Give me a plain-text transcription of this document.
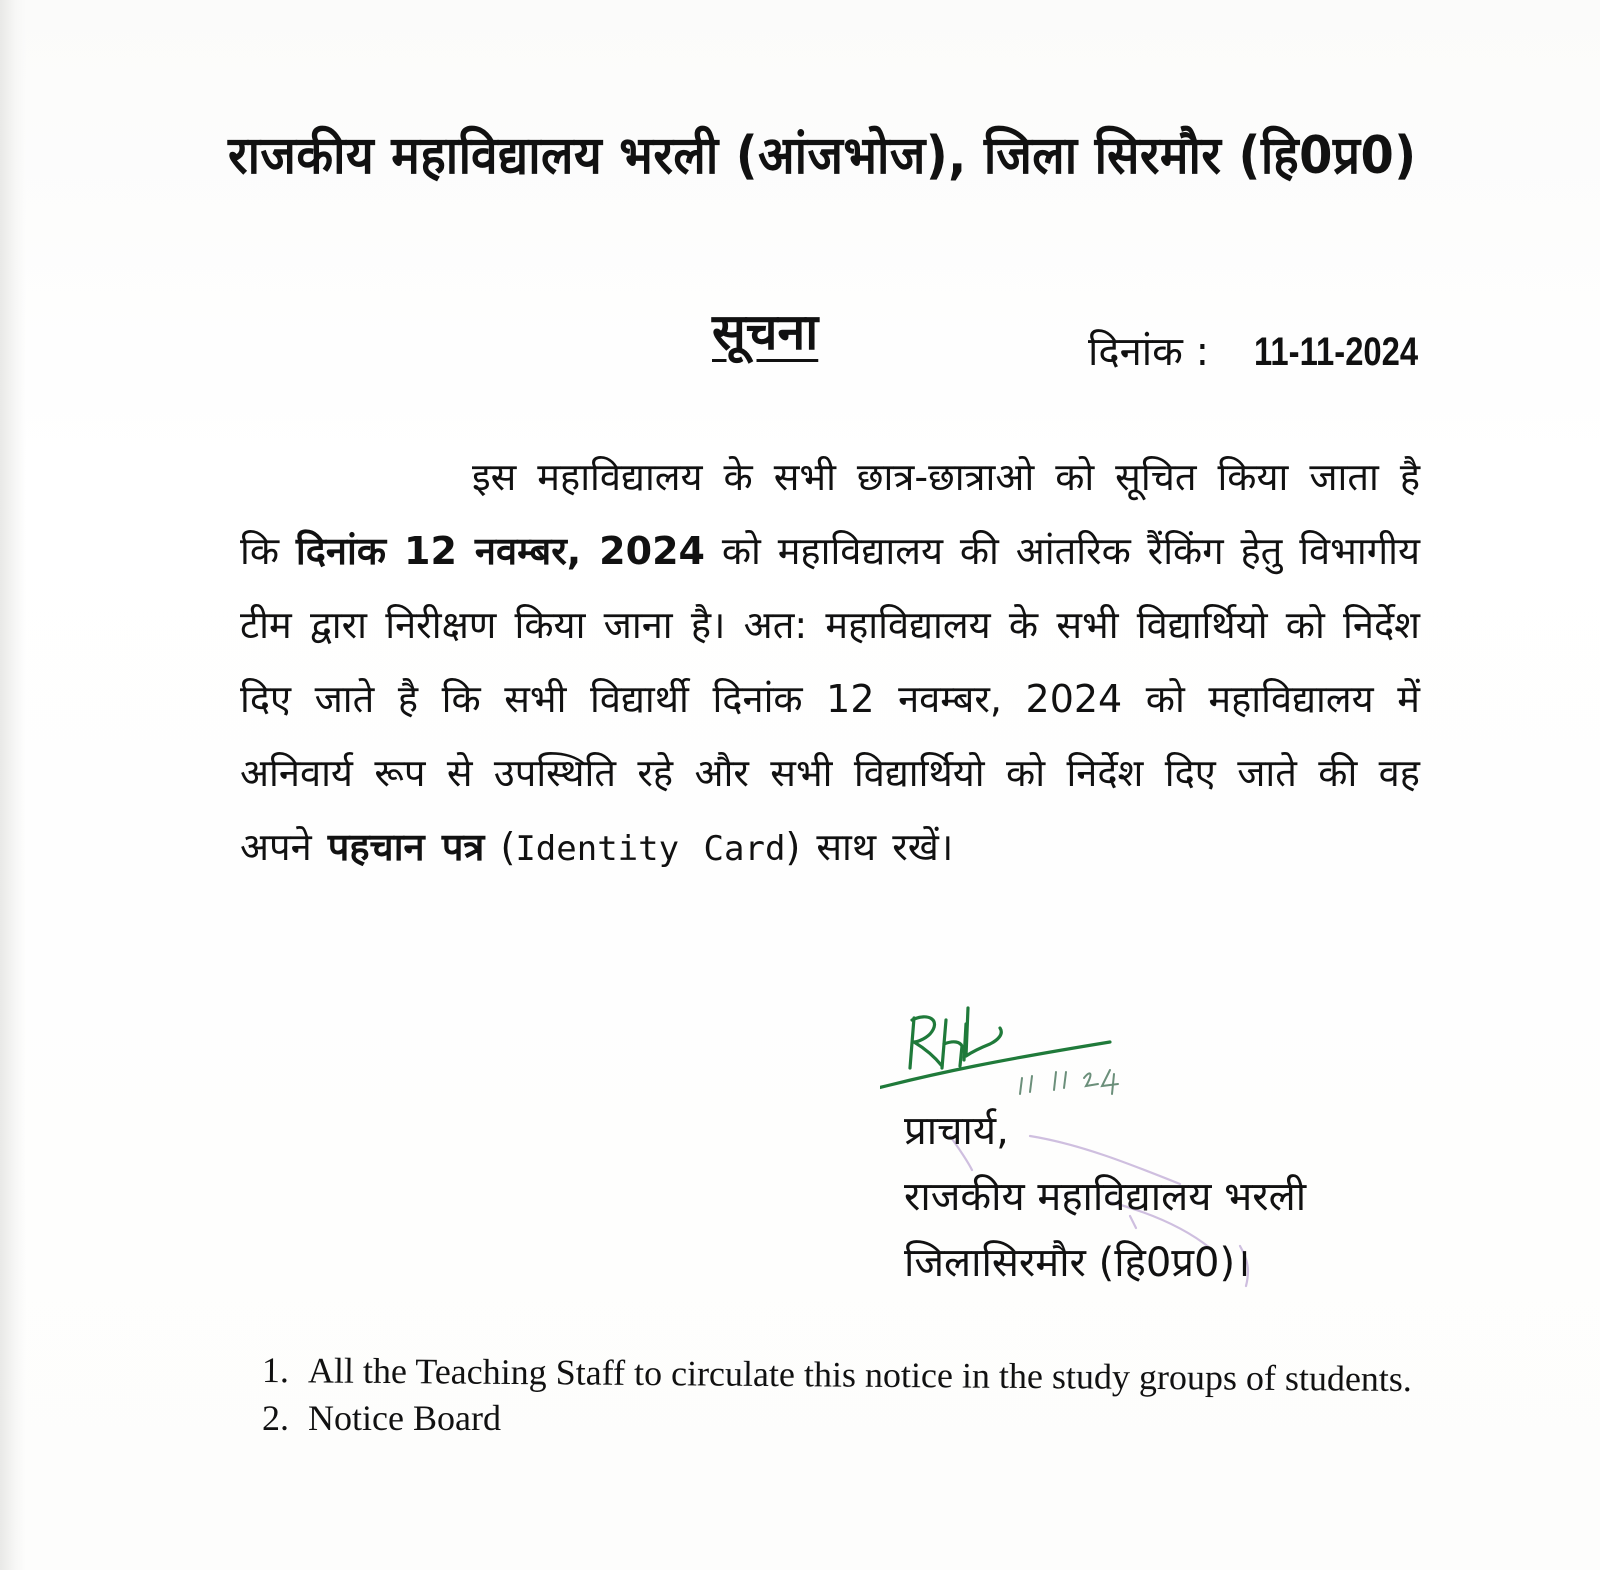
राजकीय महाविद्यालय भरली (आंजभोज), जिला सिरमौर (हि0प्र0)
सूचना	दिनांक : 11-11-2024
इस महाविद्यालय के सभी छात्र-छात्राओ को सूचित किया जाता है कि दिनांक 12 नवम्बर, 2024 को महाविद्यालय की आंतरिक रैंकिंग हेतु विभागीय टीम द्वारा निरीक्षण किया जाना है। अत: महाविद्यालय के सभी विद्यार्थियो को निर्देश दिए जाते है कि सभी विद्यार्थी दिनांक 12 नवम्बर, 2024 को महाविद्यालय में अनिवार्य रूप से उपस्थिति रहे और सभी विद्यार्थियो को निर्देश दिए जाते की वह अपने पहचान पत्र (Identity Card) साथ रखें।
RHL
प्राचार्य,
राजकीय महाविद्यालय भरली
जिलासिरमौर (हि0प्र0)।
1. All the Teaching Staff to circulate this notice in the study groups of students.
2. Notice Board
